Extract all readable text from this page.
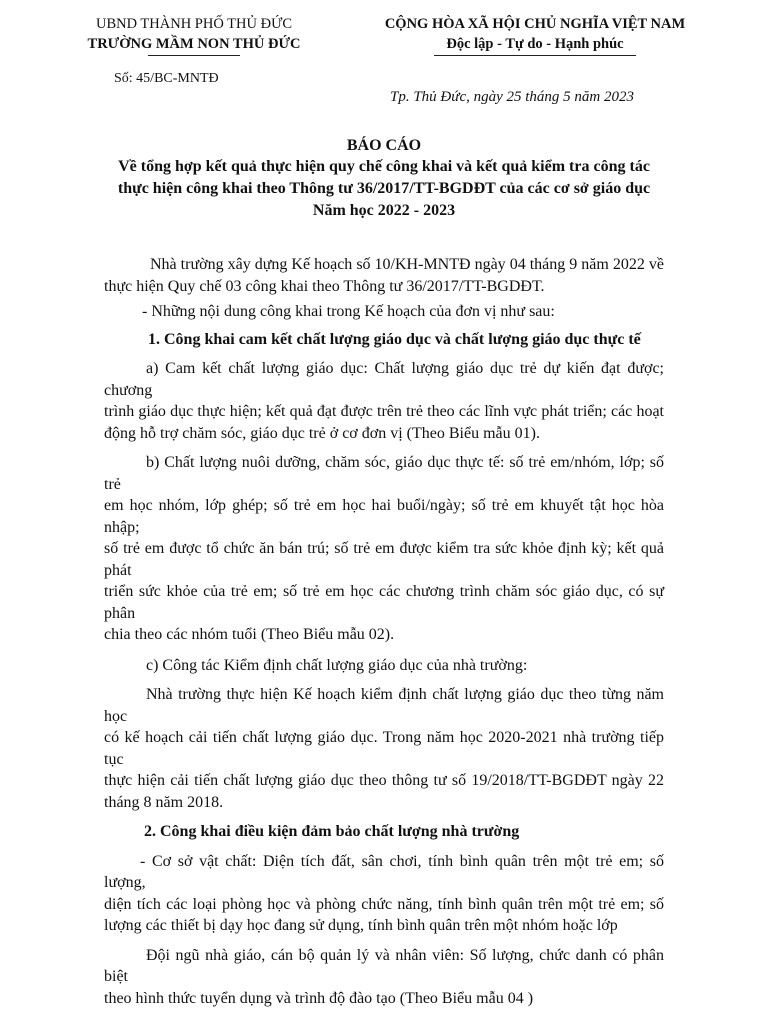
UBND THÀNH PHỐ THỦ ĐỨC
TRƯỜNG MẦM NON THỦ ĐỨC
Số: 45/BC-MNTĐ
CỘNG HÒA XÃ HỘI CHỦ NGHĨA VIỆT NAM
Độc lập - Tự do - Hạnh phúc
Tp. Thủ Đức, ngày 25 tháng 5 năm 2023
BÁO CÁO
Về tổng hợp kết quả thực hiện quy chế công khai và kết quả kiểm tra công tác
thực hiện công khai theo Thông tư 36/2017/TT-BGDĐT của các cơ sở giáo dục
Năm học 2022 - 2023

Nhà trường xây dựng Kế hoạch số 10/KH-MNTĐ ngày 04 tháng 9 năm 2022 về

thực hiện Quy chế 03 công khai theo Thông tư 36/2017/TT-BGDĐT.

- Những nội dung công khai trong Kế hoạch của đơn vị như sau:

1. Công khai cam kết chất lượng giáo dục và chất lượng giáo dục thực tế

a) Cam kết chất lượng giáo dục: Chất lượng giáo dục trẻ dự kiến đạt được; chương

trình giáo dục thực hiện; kết quả đạt được trên trẻ theo các lĩnh vực phát triển; các hoạt

động hỗ trợ chăm sóc, giáo dục trẻ ở cơ đơn vị (Theo Biểu mẫu 01).

b) Chất lượng nuôi dưỡng, chăm sóc, giáo dục thực tế: số trẻ em/nhóm, lớp; số trẻ

em học nhóm, lớp ghép; số trẻ em học hai buổi/ngày; số trẻ em khuyết tật học hòa nhập;

số trẻ em được tổ chức ăn bán trú; số trẻ em được kiểm tra sức khỏe định kỳ; kết quả phát

triển sức khỏe của trẻ em; số trẻ em học các chương trình chăm sóc giáo dục, có sự phân

chia theo các nhóm tuổi (Theo Biểu mẫu 02).

c) Công tác Kiểm định chất lượng giáo dục của nhà trường:

Nhà trường thực hiện Kế hoạch kiểm định chất lượng giáo dục theo từng năm học

có kế hoạch cải tiến chất lượng giáo dục. Trong năm học 2020-2021 nhà trường tiếp tục

thực hiện cải tiến chất lượng giáo dục theo thông tư số 19/2018/TT-BGDĐT ngày 22

tháng 8 năm 2018.

2. Công khai điều kiện đảm bảo chất lượng nhà trường

- Cơ sở vật chất: Diện tích đất, sân chơi, tính bình quân trên một trẻ em; số lượng,

diện tích các loại phòng học và phòng chức năng, tính bình quân trên một trẻ em; số

lượng các thiết bị dạy học đang sử dụng, tính bình quân trên một nhóm hoặc lớp

Đội ngũ nhà giáo, cán bộ quản lý và nhân viên: Số lượng, chức danh có phân biệt

theo hình thức tuyển dụng và trình độ đào tạo (Theo Biểu mẫu 04 )
